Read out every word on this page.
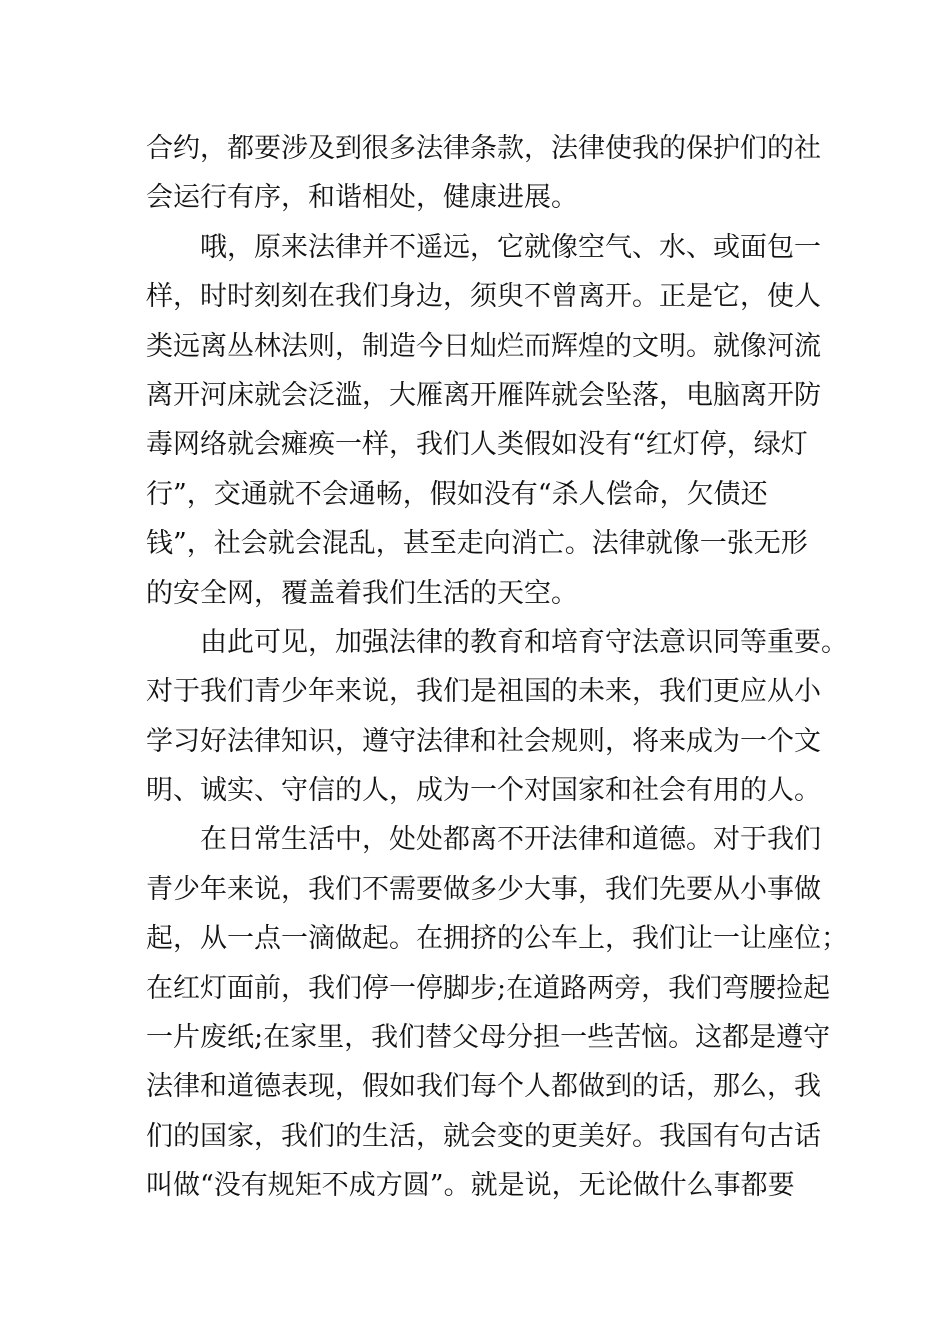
合约，都要涉及到很多法律条款，法律使我的保护们的社
会运行有序，和谐相处，健康进展。
哦，原来法律并不遥远，它就像空气、水、或面包一
样，时时刻刻在我们身边，须臾不曾离开。正是它，使人
类远离丛林法则，制造今日灿烂而辉煌的文明。就像河流
离开河床就会泛滥，大雁离开雁阵就会坠落，电脑离开防
毒网络就会瘫痪一样，我们人类假如没有“红灯停，绿灯
行”，交通就不会通畅，假如没有“杀人偿命，欠债还
钱”，社会就会混乱，甚至走向消亡。法律就像一张无形
的安全网，覆盖着我们生活的天空。
由此可见，加强法律的教育和培育守法意识同等重要。
对于我们青少年来说，我们是祖国的未来，我们更应从小
学习好法律知识，遵守法律和社会规则，将来成为一个文
明、诚实、守信的人，成为一个对国家和社会有用的人。
在日常生活中，处处都离不开法律和道德。对于我们
青少年来说，我们不需要做多少大事，我们先要从小事做
起，从一点一滴做起。在拥挤的公车上，我们让一让座位；
在红灯面前，我们停一停脚步;在道路两旁，我们弯腰捡起
一片废纸;在家里，我们替父母分担一些苦恼。这都是遵守
法律和道德表现，假如我们每个人都做到的话，那么，我
们的国家，我们的生活，就会变的更美好。我国有句古话
叫做“没有规矩不成方圆”。就是说，无论做什么事都要
